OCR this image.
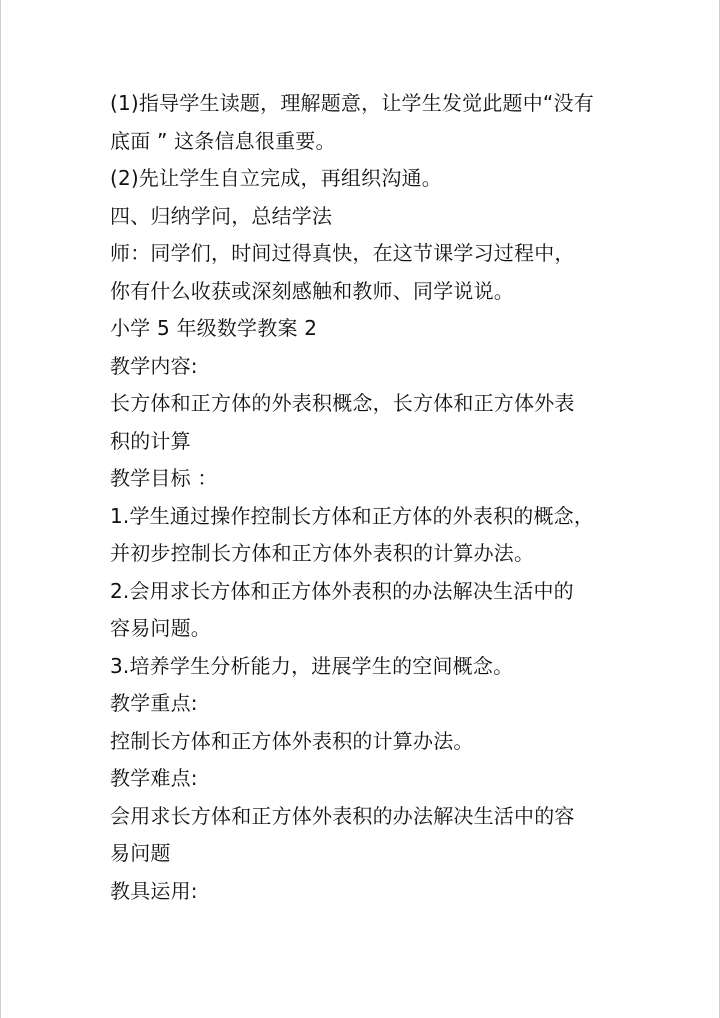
(1)指导学生读题，理解题意，让学生发觉此题中“没有
底面 ” 这条信息很重要。
(2)先让学生自立完成，再组织沟通。
四、归纳学问，总结学法
师：同学们，时间过得真快，在这节课学习过程中，
你有什么收获或深刻感触和教师、同学说说。
小学 5 年级数学教案 2
教学内容:
长方体和正方体的外表积概念，长方体和正方体外表
积的计算
教学目标 ：
1.学生通过操作控制长方体和正方体的外表积的概念，
并初步控制长方体和正方体外表积的计算办法。
2.会用求长方体和正方体外表积的办法解决生活中的
容易问题。
3.培养学生分析能力，进展学生的空间概念。
教学重点:
控制长方体和正方体外表积的计算办法。
教学难点:
会用求长方体和正方体外表积的办法解决生活中的容
易问题
教具运用:
